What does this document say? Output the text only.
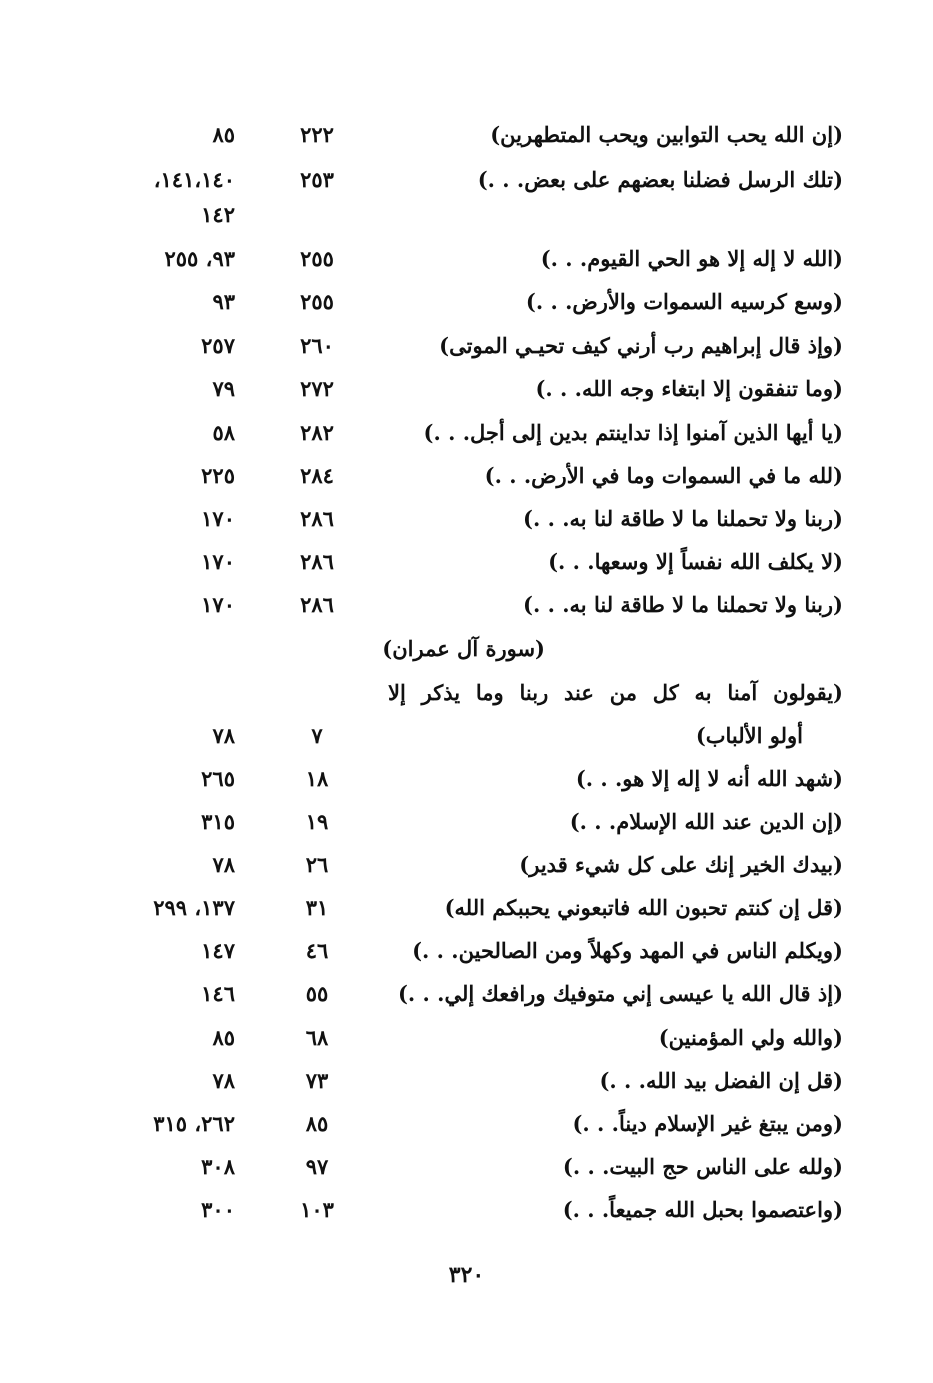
(إن الله يحب التوابين ويحب المتطهرين)
٢٢٢
٨٥
(تلك الرسل فضلنا بعضهم على بعض. . .)
٢٥٣
١٤١،١٤٠،
١٤٢
(الله لا إله إلا هو الحي القيوم. . .)
٢٥٥
٩٣، ٢٥٥
(وسع كرسيه السموات والأرض. . .)
٢٥٥
٩٣
(وإذ قال إبراهيم رب أرني كيف تحيـي الموتى)
٢٦٠
٢٥٧
(وما تنفقون إلا ابتغاء وجه الله. . .)
٢٧٢
٧٩
(يا أيها الذين آمنوا إذا تداينتم بدين إلى أجل. . .)
٢٨٢
٥٨
(لله ما في السموات وما في الأرض. . .)
٢٨٤
٢٢٥
(ربنا ولا تحملنا ما لا طاقة لنا به. . .)
٢٨٦
١٧٠
(لا يكلف الله نفساً إلا وسعها. . .)
٢٨٦
١٧٠
(ربنا ولا تحملنا ما لا طاقة لنا به. . .)
٢٨٦
١٧٠
(سورة آل عمران)
(يقولون آمنا به كل من عند ربنا وما يذكر إلا
أولو الألباب)
٧
٧٨
(شهد الله أنه لا إله إلا هو. . .)
١٨
٢٦٥
(إن الدين عند الله الإسلام. . .)
١٩
٣١٥
(بيدك الخير إنك على كل شيء قدير)
٢٦
٧٨
(قل إن كنتم تحبون الله فاتبعوني يحببكم الله)
٣١
١٣٧، ٢٩٩
(ويكلم الناس في المهد وكهلاً ومن الصالحين. . .)
٤٦
١٤٧
(إذ قال الله يا عيسى إني متوفيك ورافعك إلي. . .)
٥٥
١٤٦
(والله ولي المؤمنين)
٦٨
٨٥
(قل إن الفضل بيد الله. . .)
٧٣
٧٨
(ومن يبتغ غير الإسلام ديناً. . .)
٨٥
٢٦٢، ٣١٥
(ولله على الناس حج البيت. . .)
٩٧
٣٠٨
(واعتصموا بحبل الله جميعاً. . .)
١٠٣
٣٠٠
٣٢٠
